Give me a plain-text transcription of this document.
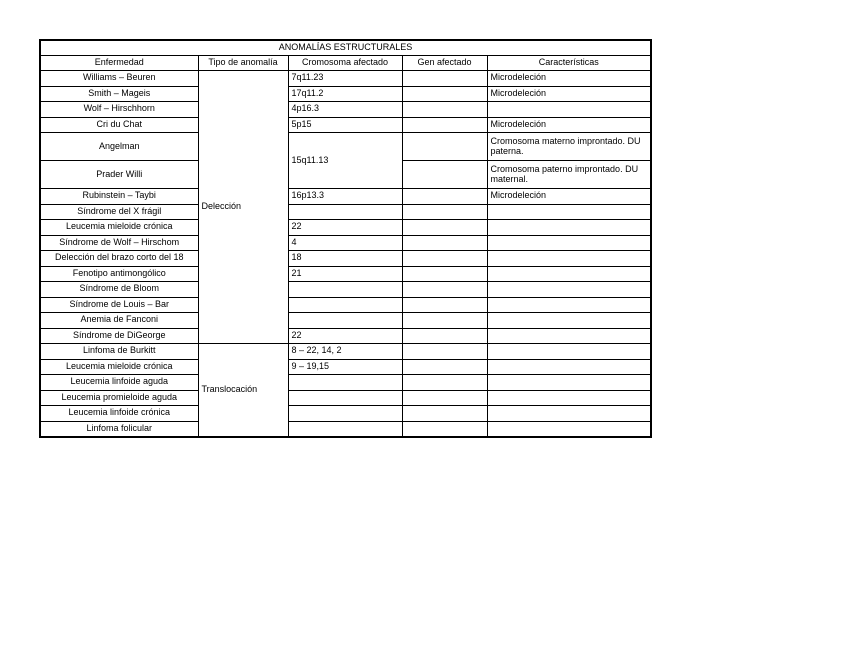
ANOMALÍAS ESTRUCTURALES				
Enfermedad	Tipo de anomalía	Cromosoma afectado	Gen afectado	Características
Williams – Beuren	Delección	7q11.23		Microdeleción
Smith – Mageis		17q11.2		Microdeleción
Wolf – Hirschhorn		4p16.3		
Cri du Chat		5p15		Microdeleción
Angelman		15q11.13		Cromosoma materno improntado. DU paterna.
Prader Willi				Cromosoma paterno improntado. DU maternal.
Rubinstein – Taybi		16p13.3		Microdeleción
Síndrome del X frágil				
Leucemia mieloide crónica		22		
Síndrome de Wolf – Hirschom		4		
Delección del brazo corto del 18		18		
Fenotipo antimongólico		21		
Síndrome de Bloom				
Síndrome de Louis – Bar				
Anemia de Fanconi				
Síndrome de DiGeorge		22		
Linfoma de Burkitt	Translocación	8 – 22, 14, 2		
Leucemia mieloide crónica		9 – 19,15		
Leucemia linfoide aguda				
Leucemia promieloide aguda				
Leucemia linfoide crónica				
Linfoma folicular				
